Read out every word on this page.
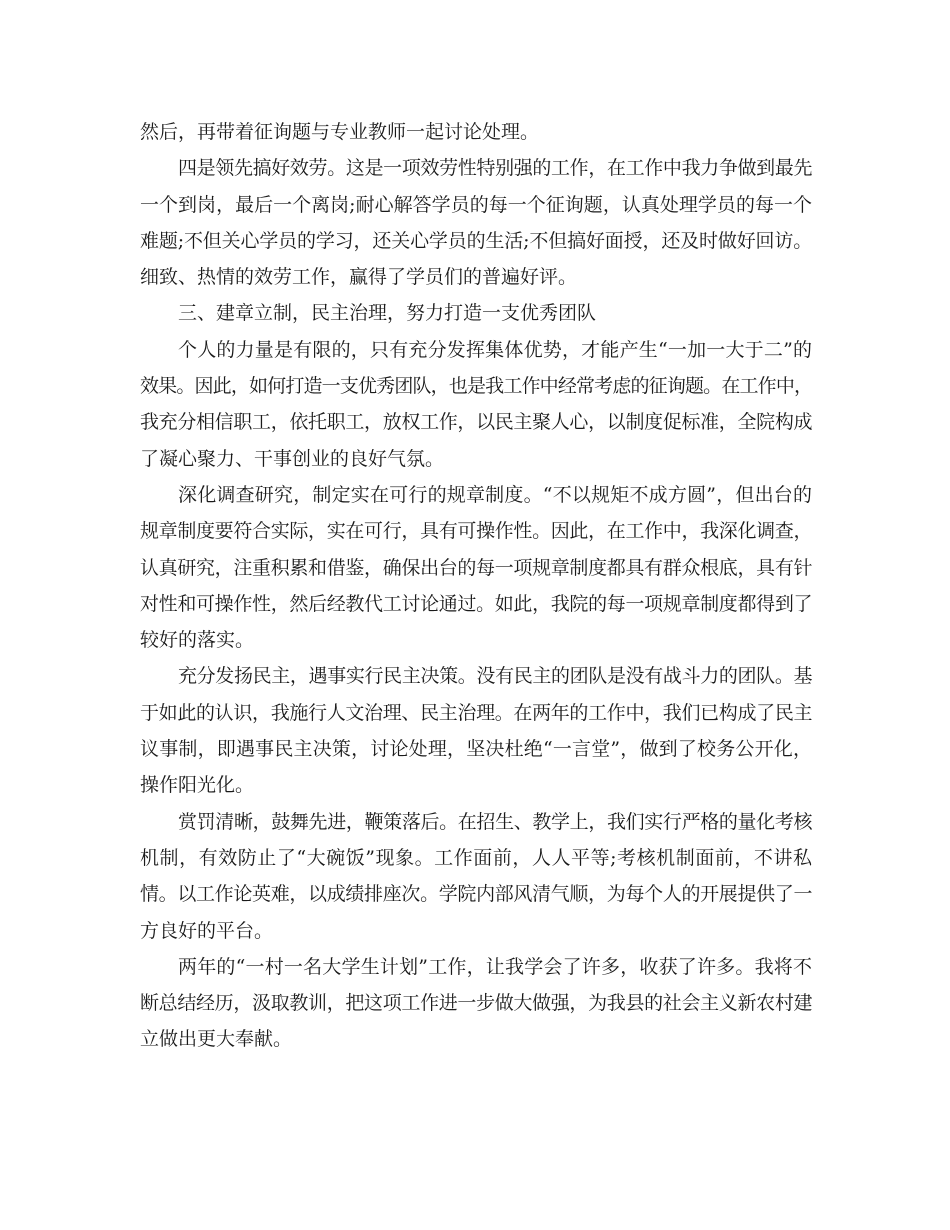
然后，再带着征询题与专业教师一起讨论处理。
四是领先搞好效劳。这是一项效劳性特别强的工作，在工作中我力争做到最先
一个到岗，最后一个离岗;耐心解答学员的每一个征询题，认真处理学员的每一个
难题;不但关心学员的学习，还关心学员的生活;不但搞好面授，还及时做好回访。
细致、热情的效劳工作，赢得了学员们的普遍好评。
三、建章立制，民主治理，努力打造一支优秀团队
个人的力量是有限的，只有充分发挥集体优势，才能产生“一加一大于二”的
效果。因此，如何打造一支优秀团队，也是我工作中经常考虑的征询题。在工作中，
我充分相信职工，依托职工，放权工作，以民主聚人心，以制度促标准，全院构成
了凝心聚力、干事创业的良好气氛。
深化调查研究，制定实在可行的规章制度。“不以规矩不成方圆”，但出台的
规章制度要符合实际，实在可行，具有可操作性。因此，在工作中，我深化调查，
认真研究，注重积累和借鉴，确保出台的每一项规章制度都具有群众根底，具有针
对性和可操作性，然后经教代工讨论通过。如此，我院的每一项规章制度都得到了
较好的落实。
充分发扬民主，遇事实行民主决策。没有民主的团队是没有战斗力的团队。基
于如此的认识，我施行人文治理、民主治理。在两年的工作中，我们已构成了民主
议事制，即遇事民主决策，讨论处理，坚决杜绝“一言堂”，做到了校务公开化，
操作阳光化。
赏罚清晰，鼓舞先进，鞭策落后。在招生、教学上，我们实行严格的量化考核
机制，有效防止了“大碗饭”现象。工作面前，人人平等;考核机制面前，不讲私
情。以工作论英难，以成绩排座次。学院内部风清气顺，为每个人的开展提供了一
方良好的平台。
两年的“一村一名大学生计划”工作，让我学会了许多，收获了许多。我将不
断总结经历，汲取教训，把这项工作进一步做大做强，为我县的社会主义新农村建
立做出更大奉献。
